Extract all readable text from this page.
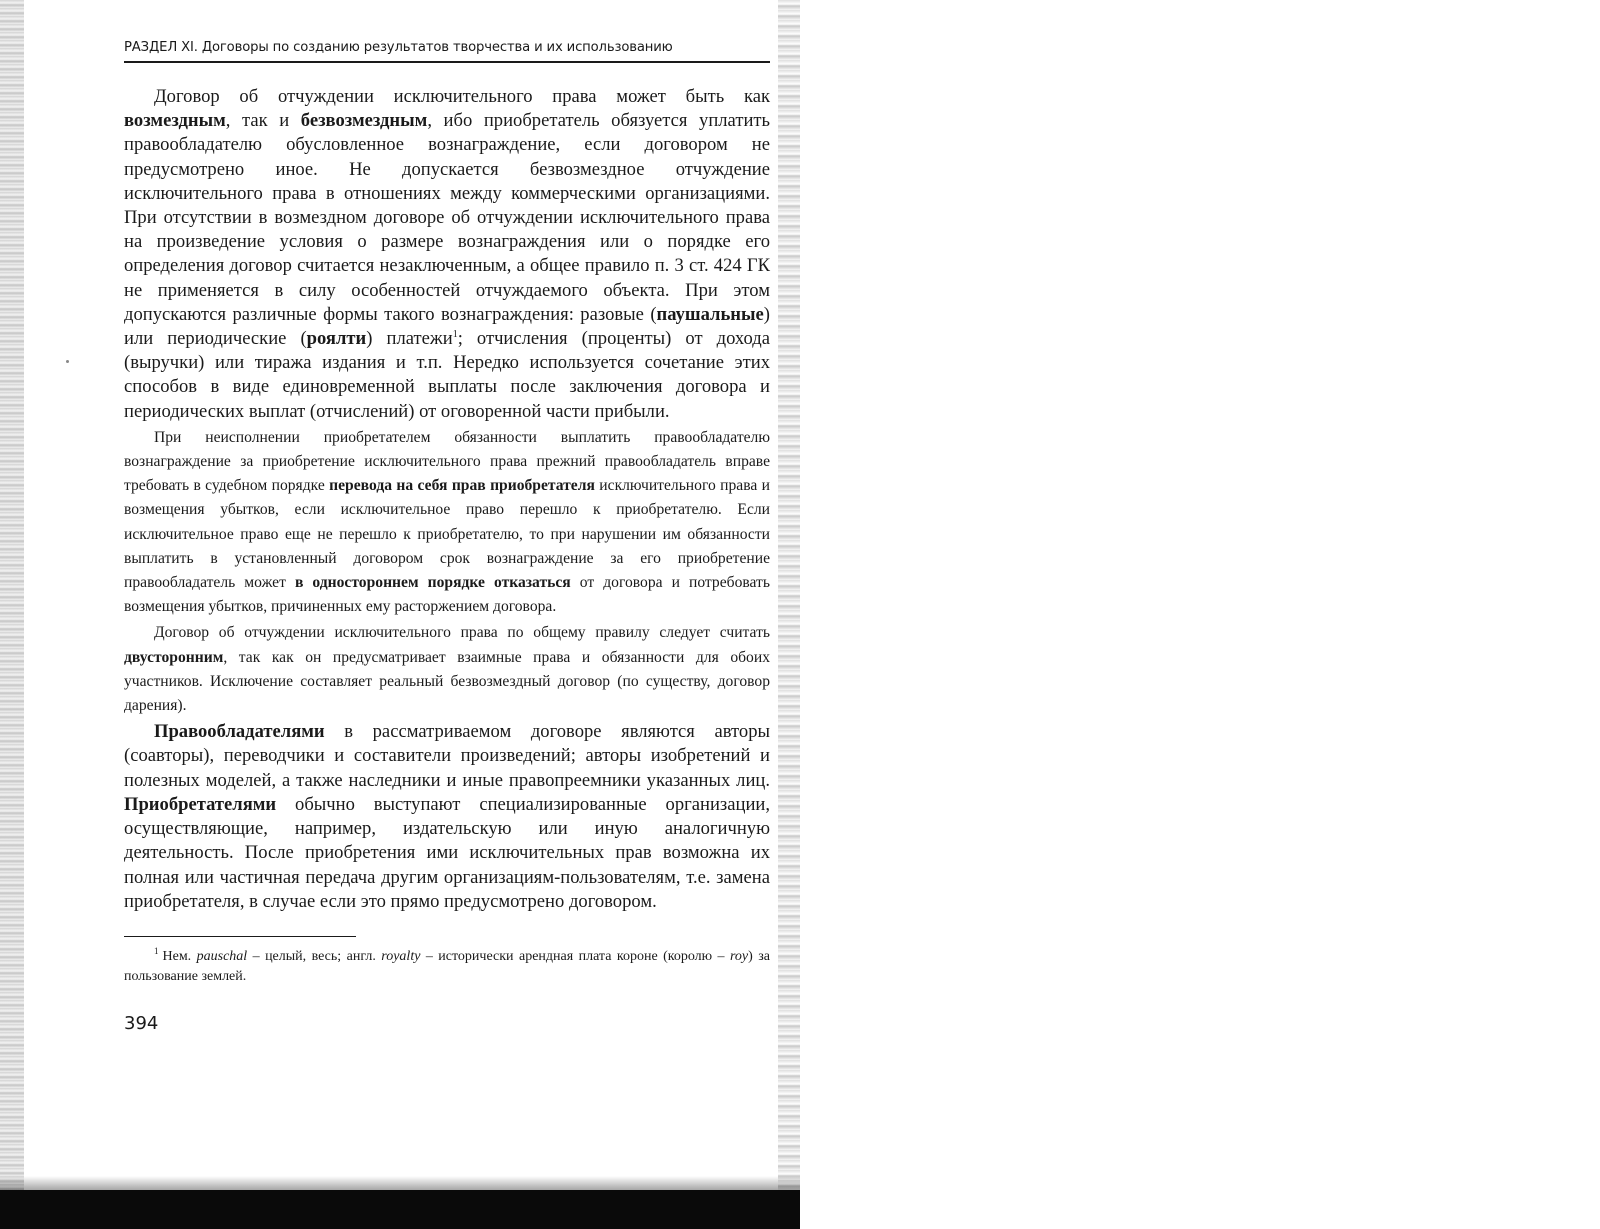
РАЗДЕЛ XI. Договоры по созданию результатов творчества и их использованию

Договор об отчуждении исключительного права может быть как возмездным, так и безвозмездным, ибо приобретатель обязуется уплатить правообладателю обусловленное вознаграждение, если договором не предусмотрено иное. Не допускается безвозмездное отчуждение исключительного права в отношениях между коммерческими организациями. При отсутствии в возмездном договоре об отчуждении исключительного права на произведение условия о размере вознаграждения или о порядке его определения договор считается незаключенным, а общее правило п. 3 ст. 424 ГК не применяется в силу особенностей отчуждаемого объекта. При этом допускаются различные формы такого вознаграждения: разовые (паушальные) или периодические (роялти) платежи$^1$; отчисления (проценты) от дохода (выручки) или тиража издания и т.п. Нередко используется сочетание этих способов в виде единовременной выплаты после заключения договора и периодических выплат (отчислений) от оговоренной части прибыли.

При неисполнении приобретателем обязанности выплатить правообладателю вознаграждение за приобретение исключительного права прежний правообладатель вправе требовать в судебном порядке перевода на себя прав приобретателя исключительного права и возмещения убытков, если исключительное право перешло к приобретателю. Если исключительное право еще не перешло к приобретателю, то при нарушении им обязанности выплатить в установленный договором срок вознаграждение за его приобретение правообладатель может в одностороннем порядке отказаться от договора и потребовать возмещения убытков, причиненных ему расторжением договора.

Договор об отчуждении исключительного права по общему правилу следует считать двусторонним, так как он предусматривает взаимные права и обязанности для обоих участников. Исключение составляет реальный безвозмездный договор (по существу, договор дарения).

Правообладателями в рассматриваемом договоре являются авторы (соавторы), переводчики и составители произведений; авторы изобретений и полезных моделей, а также наследники и иные правопреемники указанных лиц. Приобретателями обычно выступают специализированные организации, осуществляющие, например, издательскую или иную аналогичную деятельность. После приобретения ими исключительных прав возможна их полная или частичная передача другим организациям-пользователям, т.е. замена приобретателя, в случае если это прямо предусмотрено договором.

$^1$ Нем. pauschal – целый, весь; англ. royalty – исторически арендная плата короне (королю – roy) за пользование землей.
394
